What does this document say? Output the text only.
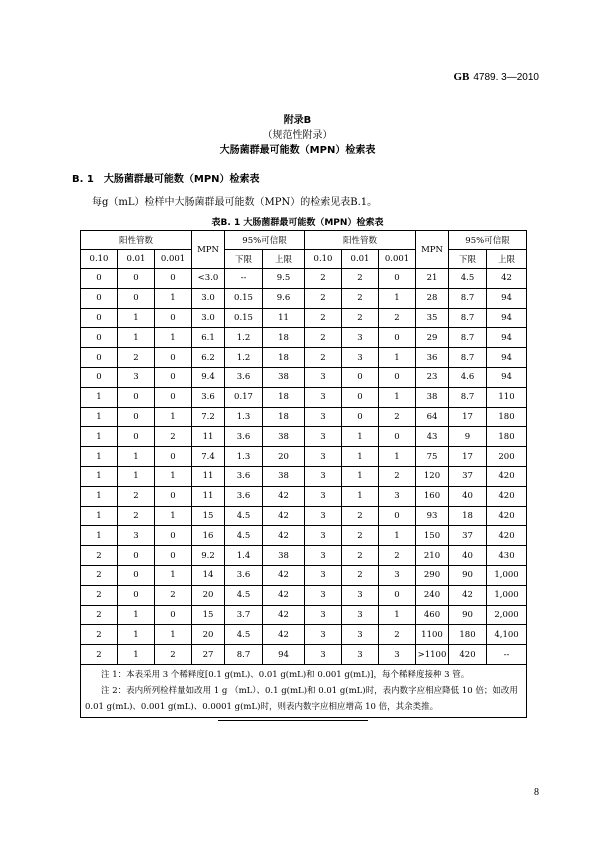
GB 4789. 3—2010
附录B
（规范性附录）
大肠菌群最可能数（MPN）检索表
B. 1 大肠菌群最可能数（MPN）检索表
每g（mL）检样中大肠菌群最可能数（MPN）的检索见表B.1。
表B. 1 大肠菌群最可能数（MPN）检索表
阳性管数			MPN	95%可信限		阳性管数			MPN	95%可信限	
0.10	0.01	0.001		下限	上限	0.10	0.01	0.001		下限	上限
0	0	0	<3.0	--	9.5	2	2	0	21	4.5	42
0	0	1	3.0	0.15	9.6	2	2	1	28	8.7	94
0	1	0	3.0	0.15	11	2	2	2	35	8.7	94
0	1	1	6.1	1.2	18	2	3	0	29	8.7	94
0	2	0	6.2	1.2	18	2	3	1	36	8.7	94
0	3	0	9.4	3.6	38	3	0	0	23	4.6	94
1	0	0	3.6	0.17	18	3	0	1	38	8.7	110
1	0	1	7.2	1.3	18	3	0	2	64	17	180
1	0	2	11	3.6	38	3	1	0	43	9	180
1	1	0	7.4	1.3	20	3	1	1	75	17	200
1	1	1	11	3.6	38	3	1	2	120	37	420
1	2	0	11	3.6	42	3	1	3	160	40	420
1	2	1	15	4.5	42	3	2	0	93	18	420
1	3	0	16	4.5	42	3	2	1	150	37	420
2	0	0	9.2	1.4	38	3	2	2	210	40	430
2	0	1	14	3.6	42	3	2	3	290	90	1,000
2	0	2	20	4.5	42	3	3	0	240	42	1,000
2	1	0	15	3.7	42	3	3	1	460	90	2,000
2	1	1	20	4.5	42	3	3	2	1100	180	4,100
2	1	2	27	8.7	94	3	3	3	>1100	420	--

注 1：本表采用 3 个稀释度[0.1 g(mL)、0.01 g(mL)和 0.001 g(mL)]，每个稀释度接种 3 管。
注 2：表内所列检样量如改用 1 g （mL）、0.1 g(mL)和 0.01 g(mL)时，表内数字应相应降低 10 倍；如改用 0.01 g(mL)、0.001 g(mL)、0.0001 g(mL)时，则表内数字应相应增高 10 倍，其余类推。											
8
